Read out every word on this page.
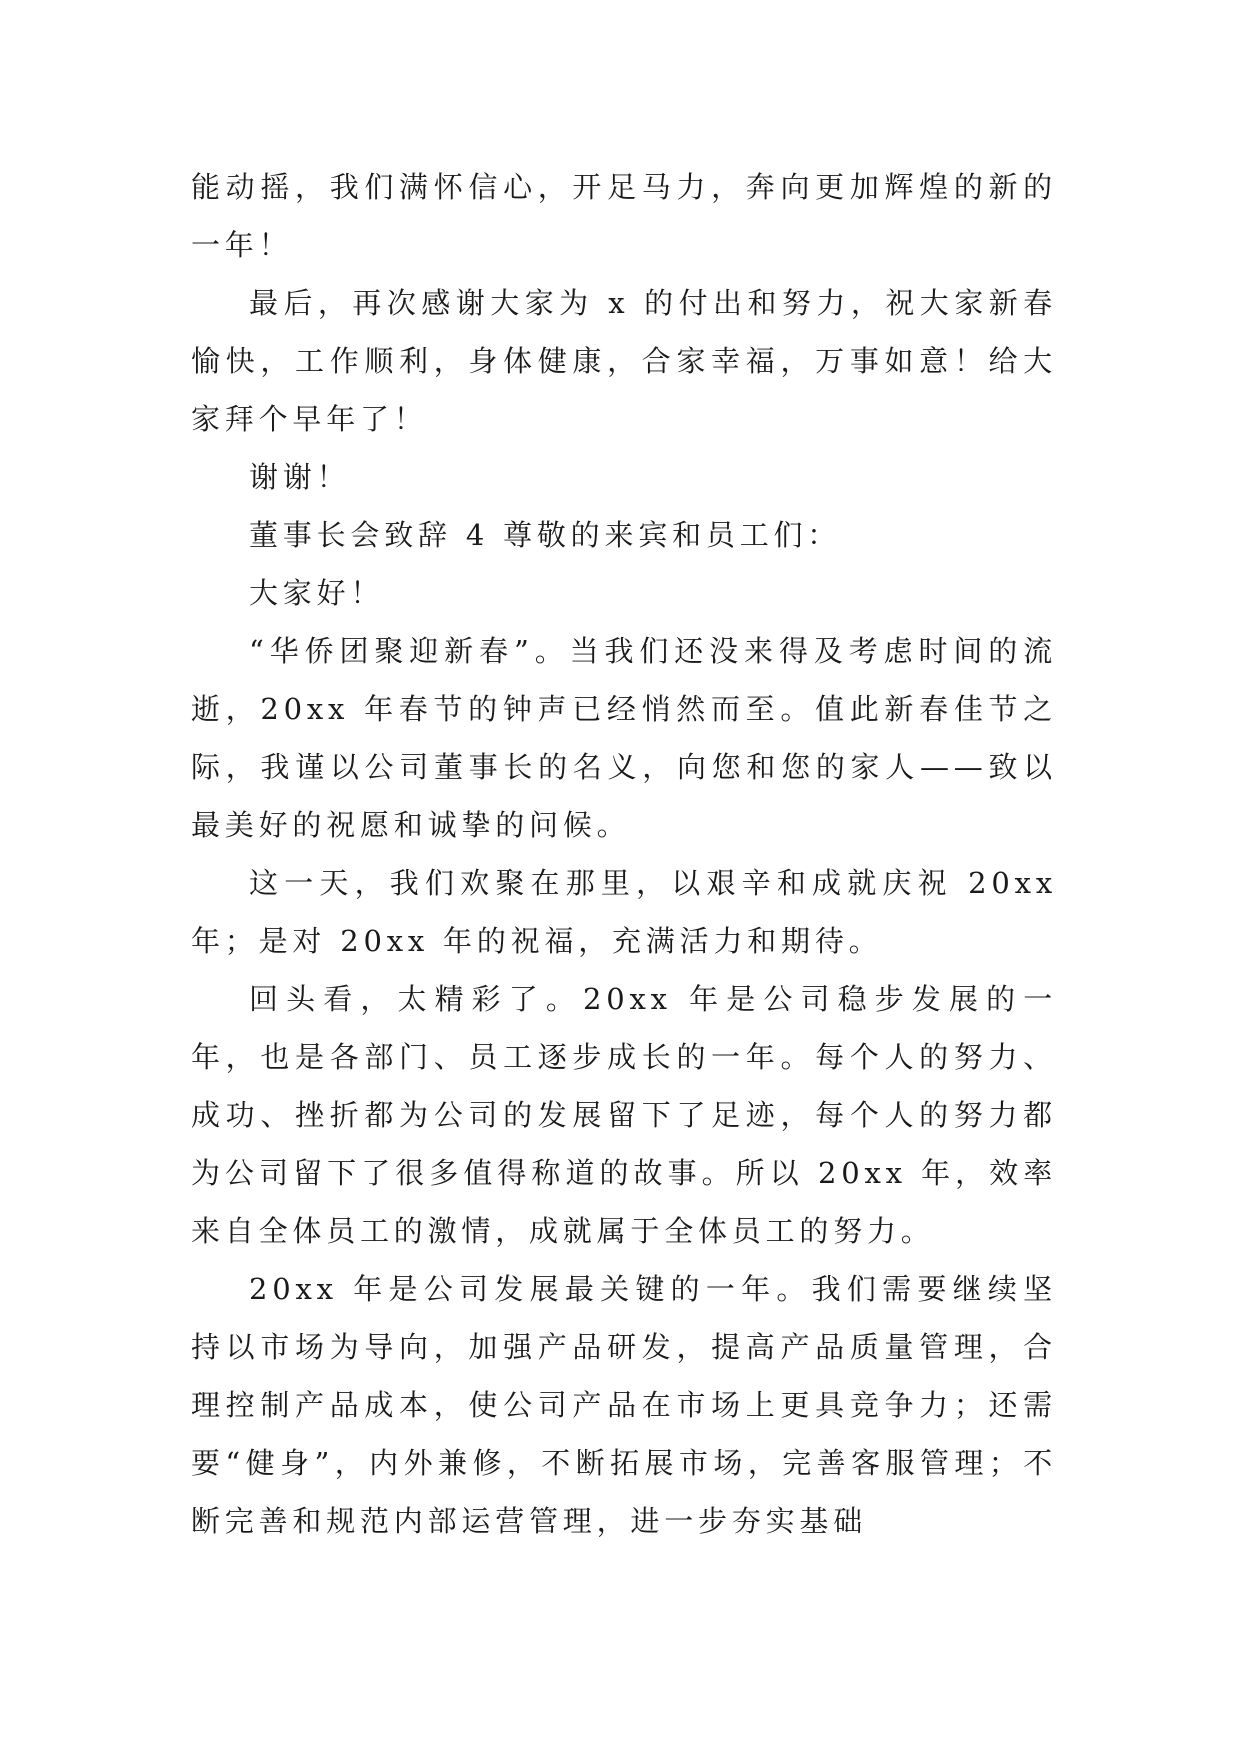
能动摇，我们满怀信心，开足马力，奔向更加辉煌的新的一年！

最后，再次感谢大家为 x 的付出和努力，祝大家新春愉快，工作顺利，身体健康，合家幸福，万事如意！给大家拜个早年了！

谢谢！

董事长会致辞 4 尊敬的来宾和员工们：

大家好！

“华侨团聚迎新春”。当我们还没来得及考虑时间的流逝，20xx 年春节的钟声已经悄然而至。值此新春佳节之际，我谨以公司董事长的名义，向您和您的家人——致以最美好的祝愿和诚挚的问候。

这一天，我们欢聚在那里，以艰辛和成就庆祝 20xx 年；是对 20xx 年的祝福，充满活力和期待。

回头看，太精彩了。20xx 年是公司稳步发展的一年，也是各部门、员工逐步成长的一年。每个人的努力、成功、挫折都为公司的发展留下了足迹，每个人的努力都为公司留下了很多值得称道的故事。所以 20xx 年，效率来自全体员工的激情，成就属于全体员工的努力。

20xx 年是公司发展最关键的一年。我们需要继续坚持以市场为导向，加强产品研发，提高产品质量管理，合理控制产品成本，使公司产品在市场上更具竞争力；还需要“健身”，内外兼修，不断拓展市场，完善客服管理；不断完善和规范内部运营管理，进一步夯实基础
